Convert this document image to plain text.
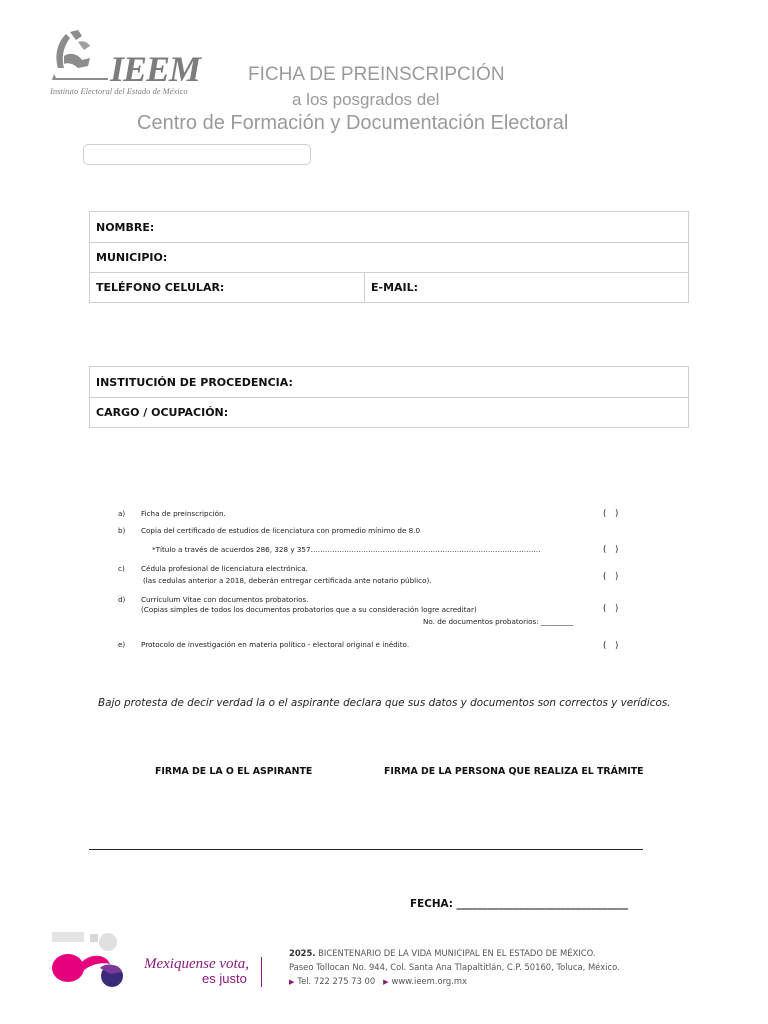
IEEM
Instituto Electoral del Estado de México
FICHA DE PREINSCRIPCIÓN
a los posgrados del
Centro de Formación y Documentación Electoral
NOMBRE:
MUNICIPIO:
TELÉFONO CELULAR:	E-MAIL:
INSTITUCIÓN DE PROCEDENCIA:
CARGO / OCUPACIÓN:
a) Ficha de preinscripción.	( )
b) Copia del certificado de estudios de licenciatura con promedio mínimo de 8.0
*Título a través de acuerdos 286, 328 y 357……………………………………………………………………………………	( )
c) Cédula profesional de licenciatura electrónica.
(las cedulas anterior a 2018, deberán entregar certificada ante notario público).	( )
d) Currículum Vitae con documentos probatorios.
(Copias simples de todos los documentos probatorios que a su consideración logre acreditar)
No. de documentos probatorios: _________
( )
e) Protocolo de investigación en materia político - electoral original e inédito.	( )
Bajo protesta de decir verdad la o el aspirante declara que sus datos y documentos son correctos y verídicos.
FIRMA DE LA O EL ASPIRANTE	FIRMA DE LA PERSONA QUE REALIZA EL TRÁMITE
FECHA: _________________________________
Mexiquense vota,
es justo
2025. BICENTENARIO DE LA VIDA MUNICIPAL EN EL ESTADO DE MÉXICO.
Paseo Tollocan No. 944, Col. Santa Ana Tlapaltitlán, C.P. 50160, Toluca, México.
▶ Tel. 722 275 73 00 ▶ www.ieem.org.mx
